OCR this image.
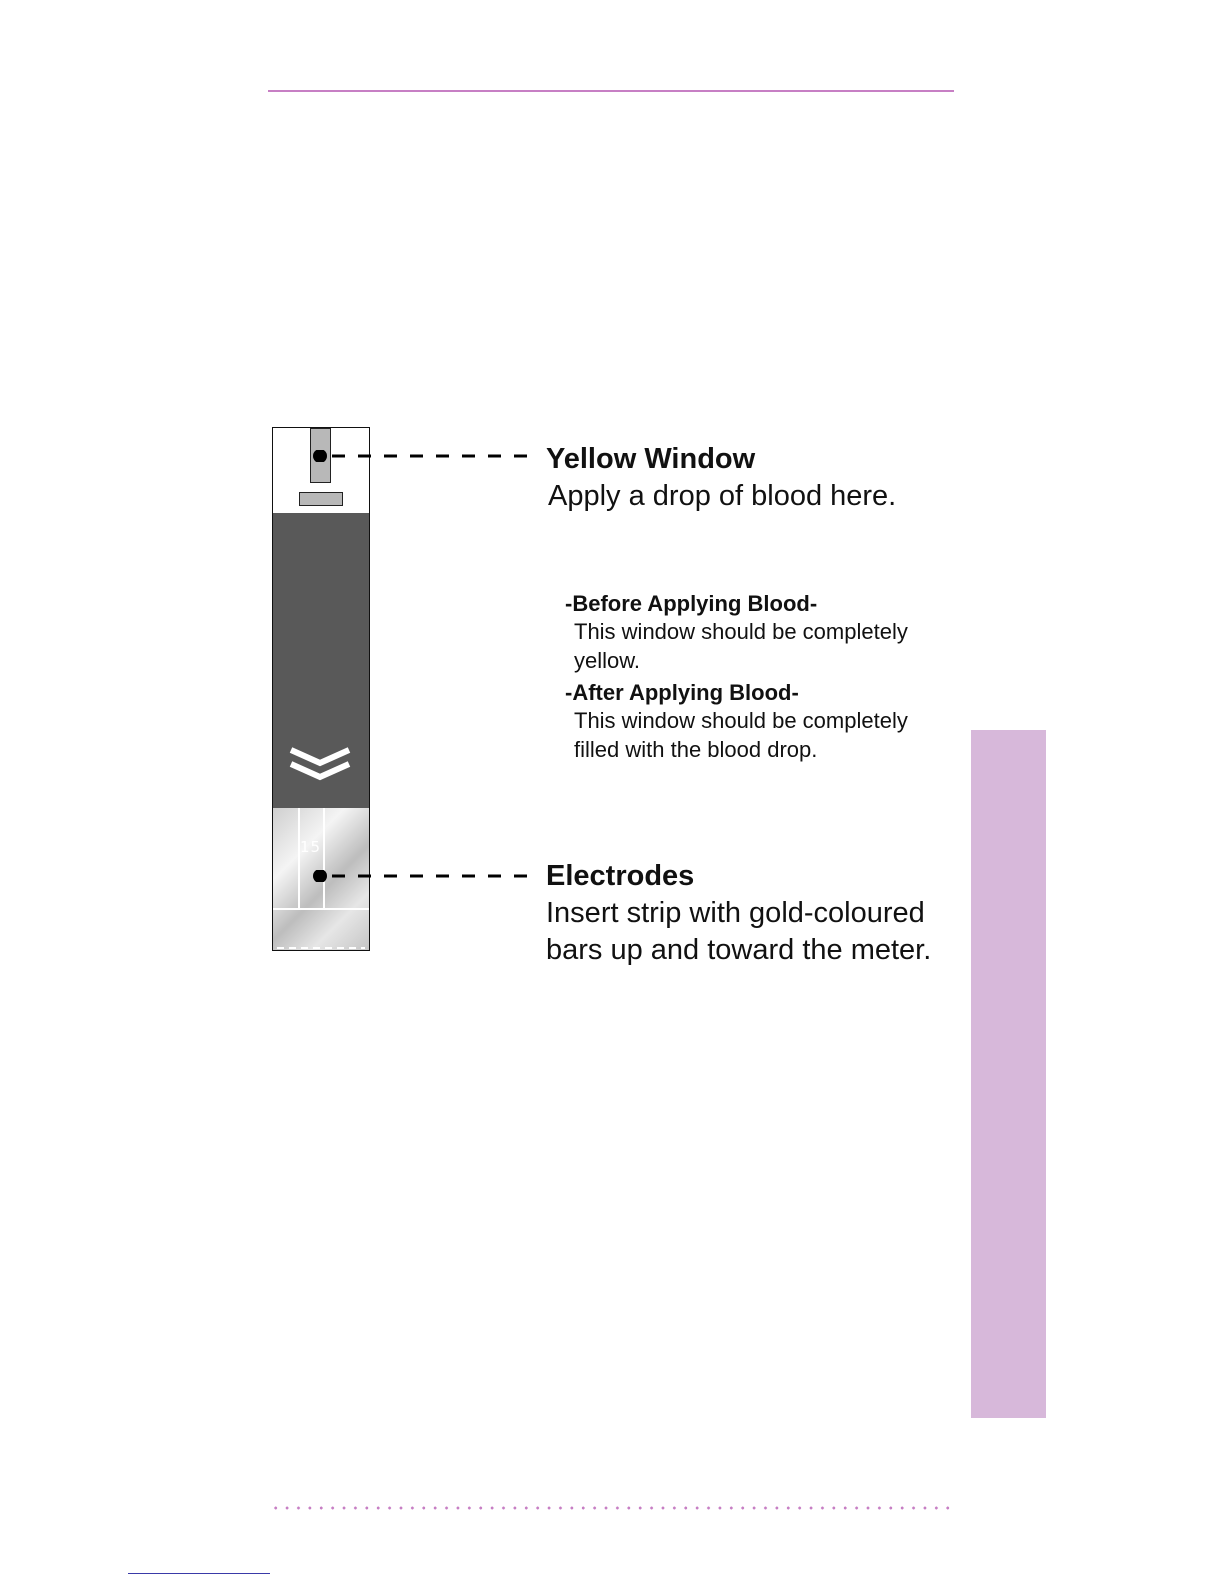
15
Yellow Window

Apply a drop of blood here.

-Before Applying Blood-

This window should be completely

yellow.

-After Applying Blood-

This window should be completely

filled with the blood drop.

Electrodes

Insert strip with gold-coloured

bars up and toward the meter.
